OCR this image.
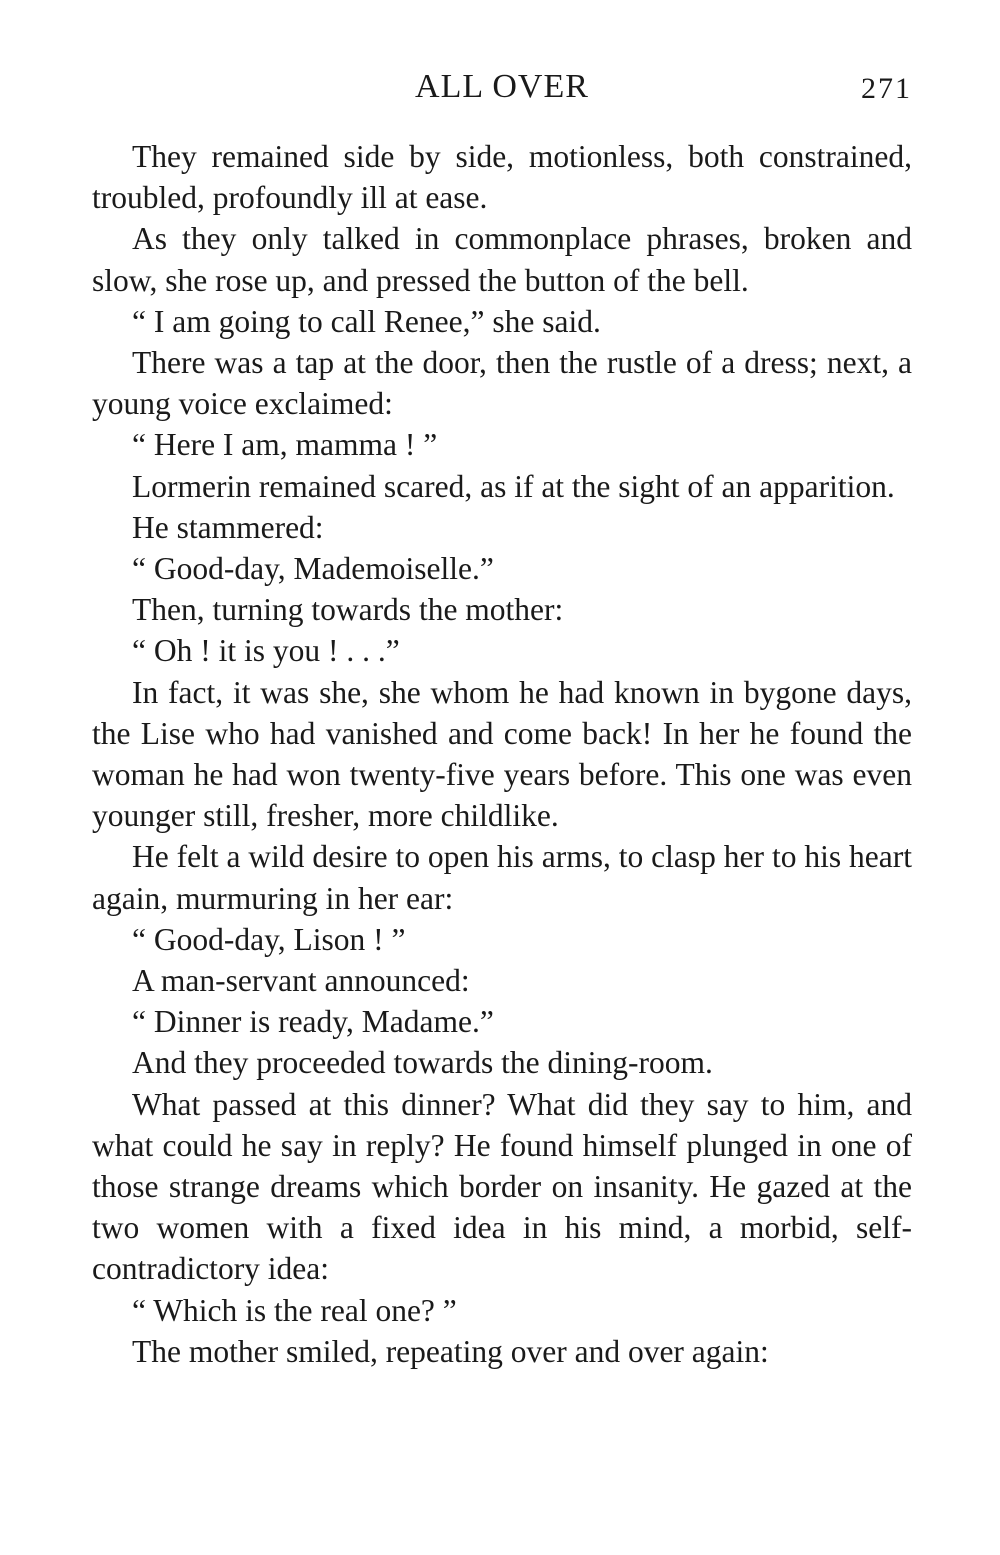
ALL OVER	271

They remained side by side, motionless, both constrained, troubled, profoundly ill at ease.

As they only talked in commonplace phrases, broken and slow, she rose up, and pressed the button of the bell.

“ I am going to call Renee,” she said.

There was a tap at the door, then the rustle of a dress; next, a young voice exclaimed:

“ Here I am, mamma ! ”

Lormerin remained scared, as if at the sight of an apparition.

He stammered:

“ Good-day, Mademoiselle.”

Then, turning towards the mother:

“ Oh ! it is you ! . . .”

In fact, it was she, she whom he had known in bygone days, the Lise who had vanished and come back! In her he found the woman he had won twenty-five years before. This one was even younger still, fresher, more childlike.

He felt a wild desire to open his arms, to clasp her to his heart again, murmuring in her ear:

“ Good-day, Lison ! ”

A man-servant announced:

“ Dinner is ready, Madame.”

And they proceeded towards the dining-room.

What passed at this dinner? What did they say to him, and what could he say in reply? He found himself plunged in one of those strange dreams which border on insanity. He gazed at the two women with a fixed idea in his mind, a morbid, self-contradictory idea:

“ Which is the real one? ”

The mother smiled, repeating over and over again:
